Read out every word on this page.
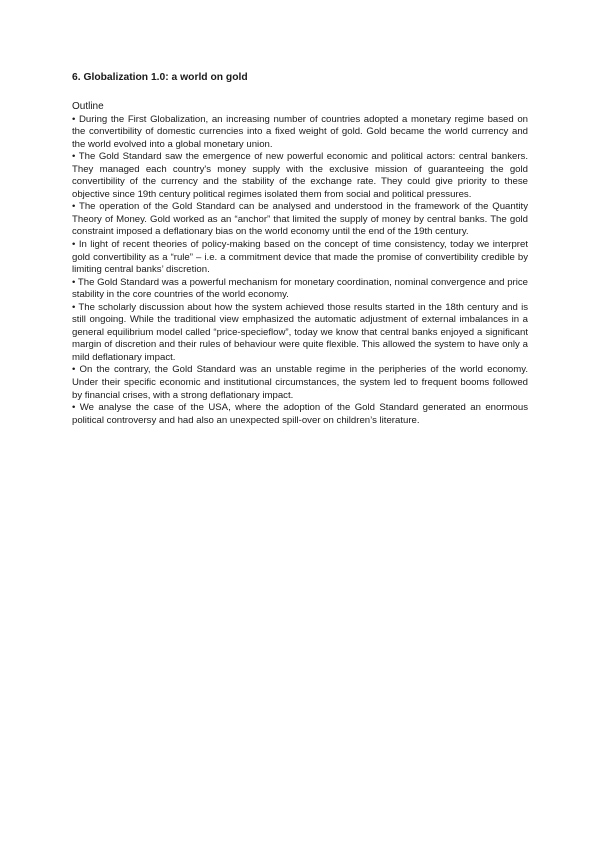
6. Globalization 1.0: a world on gold

Outline

• During the First Globalization, an increasing number of countries adopted a monetary regime based on the convertibility of domestic currencies into a fixed weight of gold. Gold became the world currency and the world evolved into a global monetary union.
• The Gold Standard saw the emergence of new powerful economic and political actors: central bankers. They managed each country's money supply with the exclusive mission of guaranteeing the gold convertibility of the currency and the stability of the exchange rate. They could give priority to these objective since 19th century political regimes isolated them from social and political pressures.
• The operation of the Gold Standard can be analysed and understood in the framework of the Quantity Theory of Money. Gold worked as an “anchor” that limited the supply of money by central banks. The gold constraint imposed a deflationary bias on the world economy until the end of the 19th century.
• In light of recent theories of policy-making based on the concept of time consistency, today we interpret gold convertibility as a “rule” – i.e. a commitment device that made the promise of convertibility credible by limiting central banks’ discretion.
• The Gold Standard was a powerful mechanism for monetary coordination, nominal convergence and price stability in the core countries of the world economy.
• The scholarly discussion about how the system achieved those results started in the 18th century and is still ongoing. While the traditional view emphasized the automatic adjustment of external imbalances in a general equilibrium model called “price-specieflow”, today we know that central banks enjoyed a significant margin of discretion and their rules of behaviour were quite flexible. This allowed the system to have only a mild deflationary impact.
• On the contrary, the Gold Standard was an unstable regime in the peripheries of the world economy. Under their specific economic and institutional circumstances, the system led to frequent booms followed by financial crises, with a strong deflationary impact.
• We analyse the case of the USA, where the adoption of the Gold Standard generated an enormous political controversy and had also an unexpected spill-over on children’s literature.
